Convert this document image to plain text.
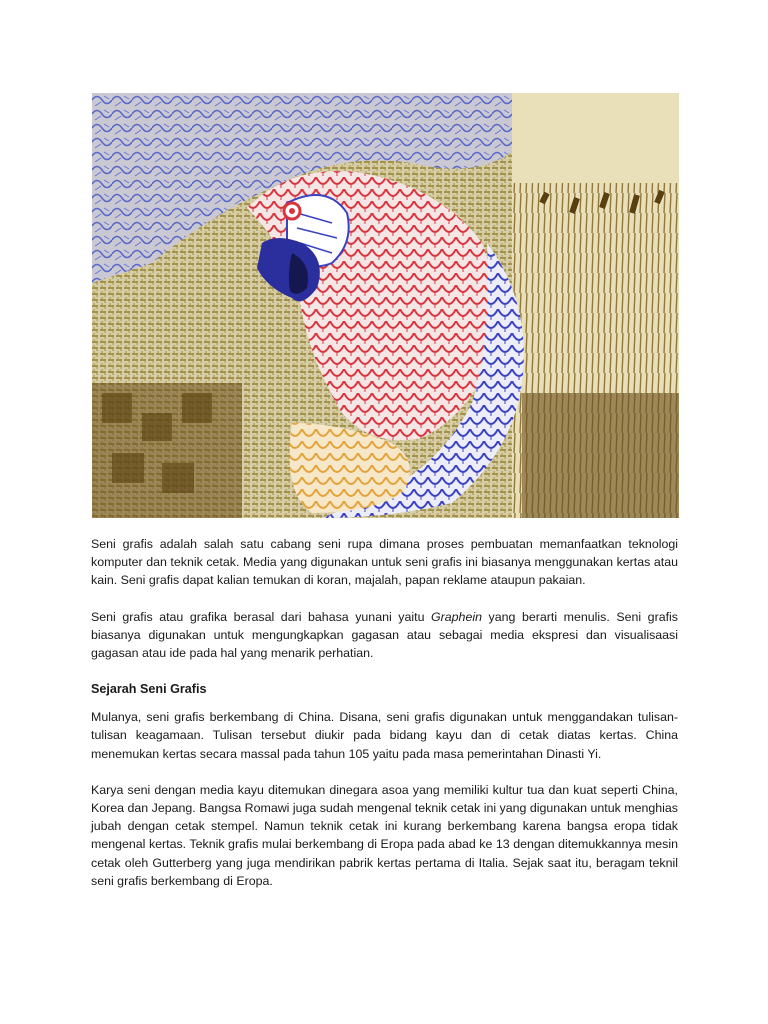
Seni grafis adalah salah satu cabang seni rupa dimana proses pembuatan memanfaatkan teknologi komputer dan teknik cetak. Media yang digunakan untuk seni grafis ini biasanya menggunakan kertas atau kain. Seni grafis dapat kalian temukan di koran, majalah, papan reklame ataupun pakaian.

Seni grafis atau grafika berasal dari bahasa yunani yaitu Graphein yang berarti menulis. Seni grafis biasanya digunakan untuk mengungkapkan gagasan atau sebagai media ekspresi dan visualisaasi gagasan atau ide pada hal yang menarik perhatian.

Sejarah Seni Grafis

Mulanya, seni grafis berkembang di China. Disana, seni grafis digunakan untuk menggandakan tulisan-tulisan keagamaan. Tulisan tersebut diukir pada bidang kayu dan di cetak diatas kertas. China menemukan kertas secara massal pada tahun 105 yaitu pada masa pemerintahan Dinasti Yi.

Karya seni dengan media kayu ditemukan dinegara asoa yang memiliki kultur tua dan kuat seperti China, Korea dan Jepang. Bangsa Romawi juga sudah mengenal teknik cetak ini yang digunakan untuk menghias jubah dengan cetak stempel. Namun teknik cetak ini kurang berkembang karena bangsa eropa tidak mengenal kertas. Teknik grafis mulai berkembang di Eropa pada abad ke 13 dengan ditemukkannya mesin cetak oleh Gutterberg yang juga mendirikan pabrik kertas pertama di Italia. Sejak saat itu, beragam teknil seni grafis berkembang di Eropa.
